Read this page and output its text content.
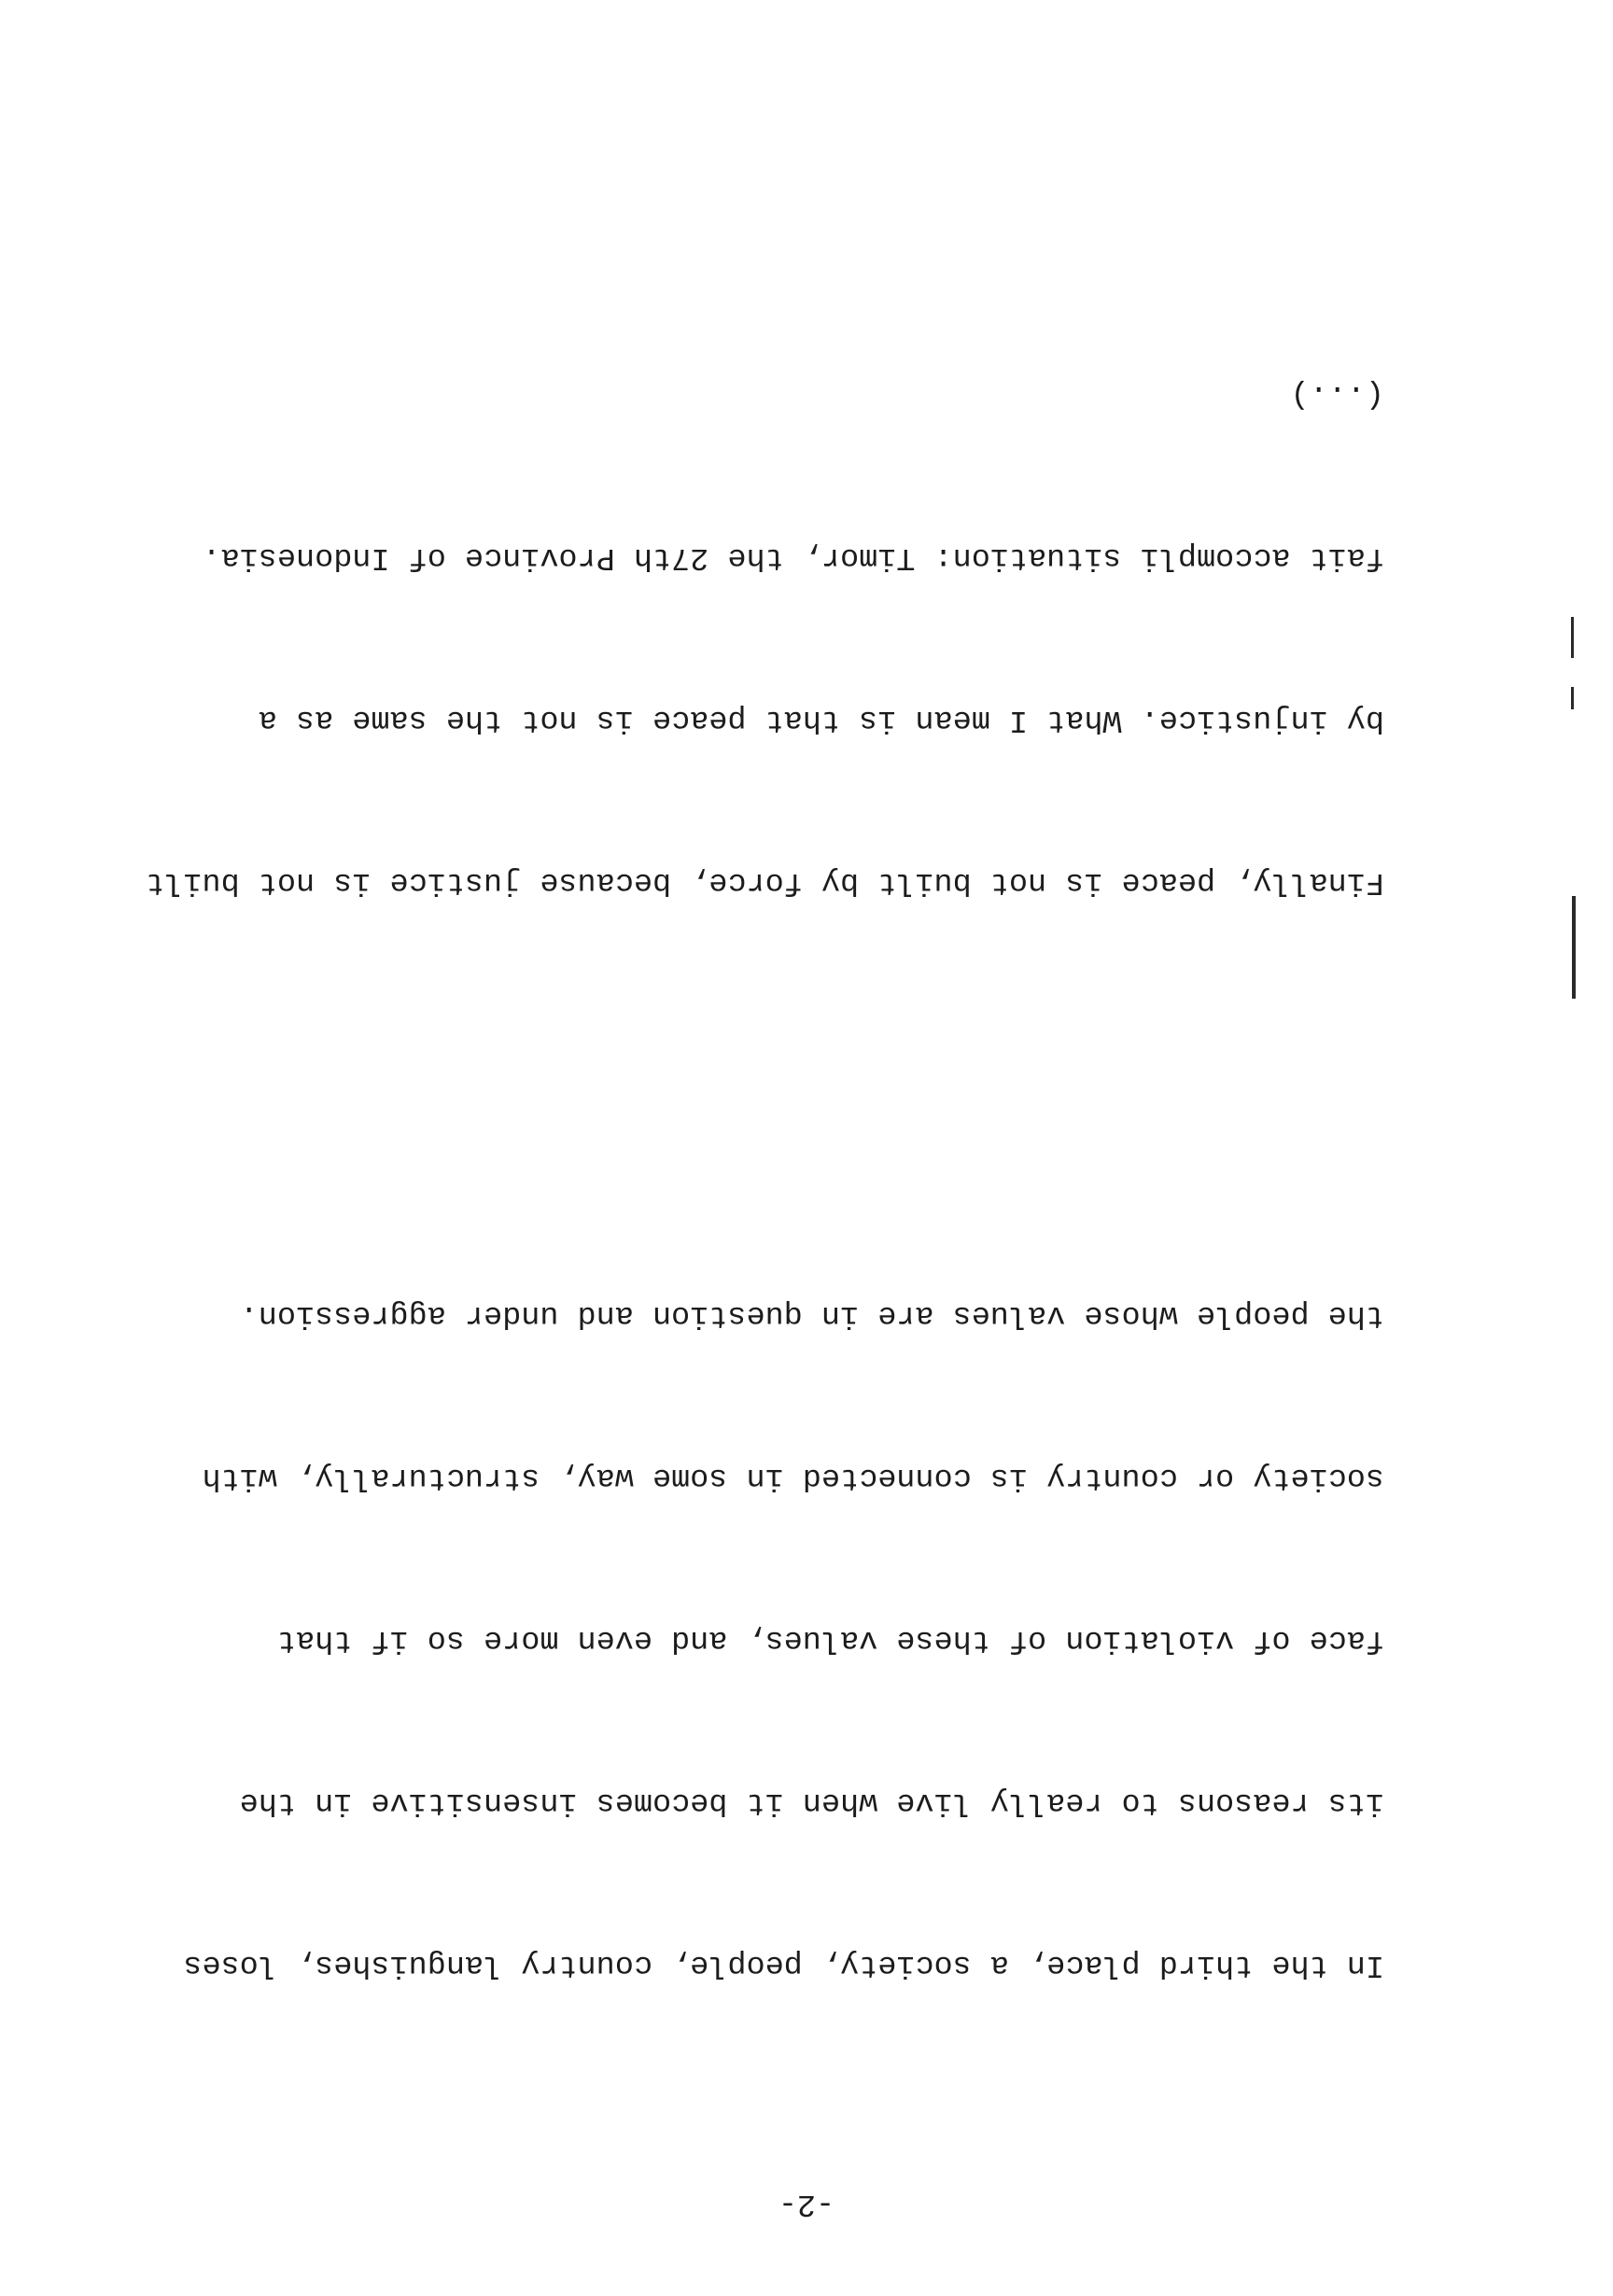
-2-

In the third place, a society, people, country languishes, loses

its reasons to really live when it becomes insensitive in the

face of violation of these values, and even more so if that

society or country is connected in some way, structurally, with

the people whose values are in question and under aggression.

Finally, peace is not built by force, because justice is not built

by injustice. What I mean is that peace is not the same as a

fait accompli situation: Timor, the 27th Province of Indonesia.

(...)
